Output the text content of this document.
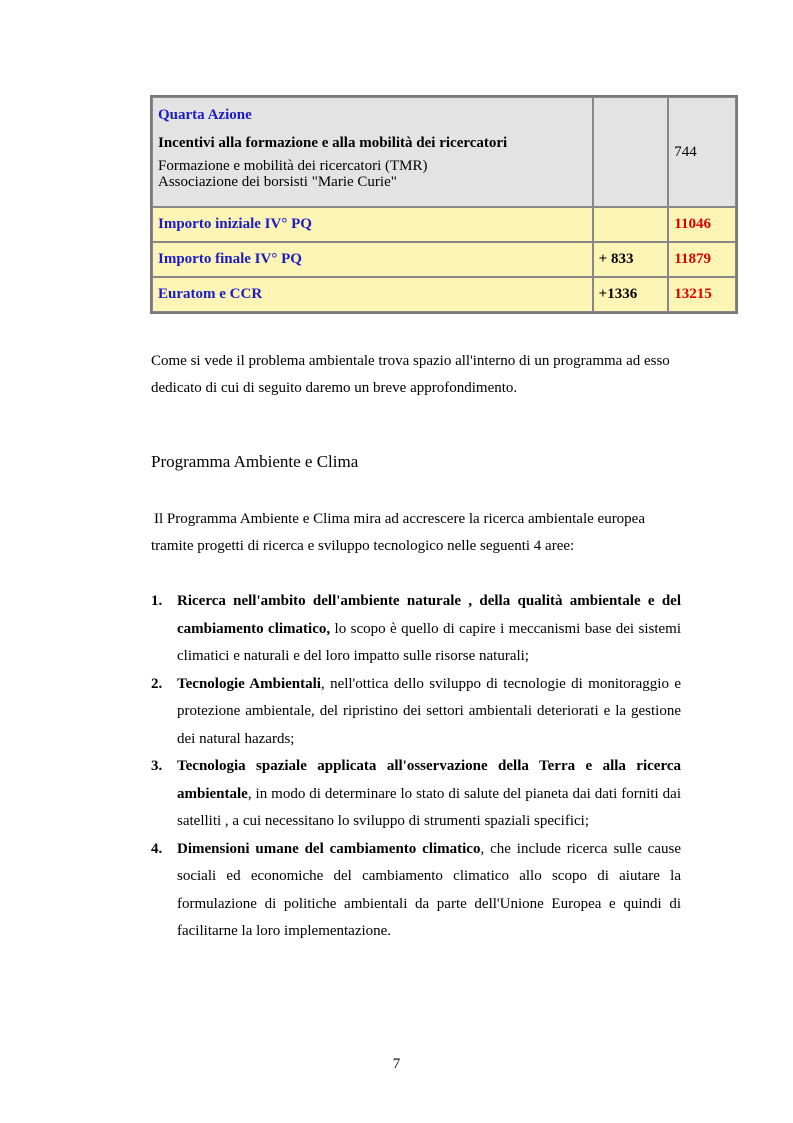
Quarta Azione
Incentivi alla formazione e alla mobilità dei ricercatori
Formazione e mobilità dei ricercatori (TMR)
Associazione dei borsisti "Marie Curie"		744
Importo iniziale IV° PQ		11046
Importo finale IV° PQ	+ 833	11879
Euratom e CCR	+1336	13215

Come si vede il problema ambientale trova spazio all'interno di un programma ad esso dedicato di cui di seguito daremo un breve approfondimento.

Programma Ambiente e Clima

Il Programma Ambiente e Clima mira ad accrescere la ricerca ambientale europea tramite progetti di ricerca e sviluppo tecnologico nelle seguenti 4 aree:

1. Ricerca nell'ambito dell'ambiente naturale , della qualità ambientale e del cambiamento climatico, lo scopo è quello di capire i meccanismi base dei sistemi climatici e naturali e del loro impatto sulle risorse naturali;
2. Tecnologie Ambientali, nell'ottica dello sviluppo di tecnologie di monitoraggio e protezione ambientale, del ripristino dei settori ambientali deteriorati e la gestione dei natural hazards;
3. Tecnologia spaziale applicata all'osservazione della Terra e alla ricerca ambientale, in modo di determinare lo stato di salute del pianeta dai dati forniti dai satelliti , a cui necessitano lo sviluppo di strumenti spaziali specifici;
4. Dimensioni umane del cambiamento climatico, che include ricerca sulle cause sociali ed economiche del cambiamento climatico allo scopo di aiutare la formulazione di politiche ambientali da parte dell'Unione Europea e quindi di facilitarne la loro implementazione.
7
